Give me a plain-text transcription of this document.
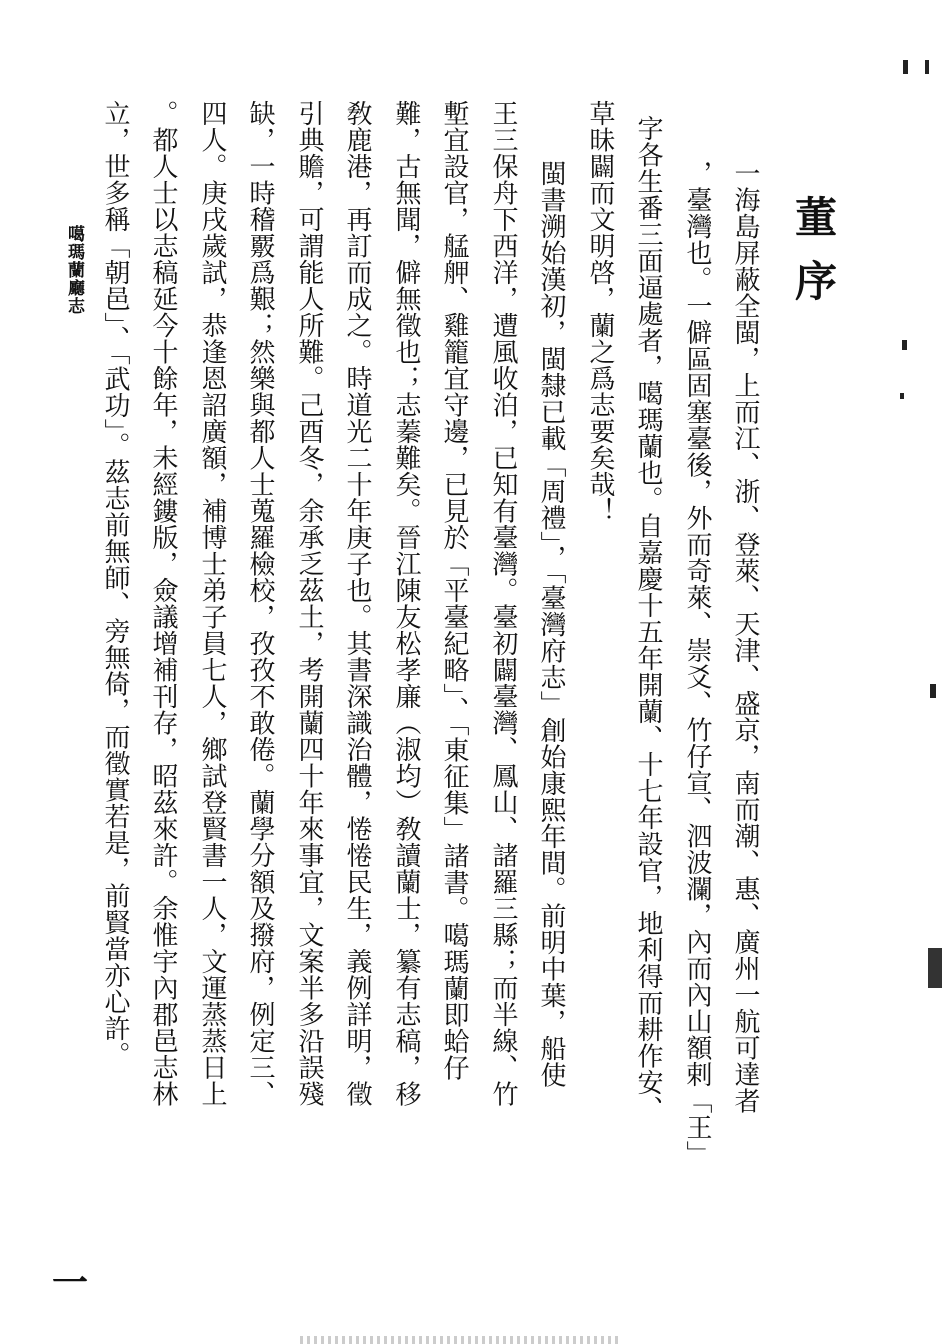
董序
一海島屏蔽全閩，上而江、浙、登萊、天津、盛京，南而潮、惠、廣州一航可達者
，臺灣也。一僻區固塞臺後，外而奇萊、崇爻、竹仔宣、泗波瀾，內而內山額剌「王」
字各生番三面逼處者，噶瑪蘭也。自嘉慶十五年開蘭、十七年設官，地利得而耕作安、
草昧闢而文明啓，蘭之爲志要矣哉！
閩書溯始漢初，閩隸已載「周禮」，「臺灣府志」創始康熙年間。前明中葉，船使
王三保舟下西洋，遭風收泊，已知有臺灣。臺初闢臺灣、鳳山、諸羅三縣；而半線、竹
塹宜設官，艋舺、雞籠宜守邊，已見於「平臺紀略」、「東征集」諸書。噶瑪蘭即蛤仔
難，古無聞，僻無徵也；志蓁難矣。晉江陳友松孝廉（淑均）敎讀蘭士，纂有志稿，移
敎鹿港，再訂而成之。時道光二十年庚子也。其書深識治體，惓惓民生，義例詳明，徵
引典贍，可謂能人所難。己酉冬，余承乏茲土，考開蘭四十年來事宜，文案半多沿誤殘
缺，一時稽覈爲艱；然樂與都人士蒐羅檢校，孜孜不敢倦。蘭學分額及撥府，例定三、
四人。庚戌歲試，恭逢恩詔廣額，補博士弟子員七人，鄉試登賢書一人，文運蒸蒸日上
。都人士以志稿延今十餘年，未經鏤版，僉議增補刊存，昭茲來許。余惟宇內郡邑志林
立，世多稱「朝邑」、「武功」。茲志前無師、旁無倚，而徵實若是，前賢當亦心許。
噶瑪蘭廳志
一
